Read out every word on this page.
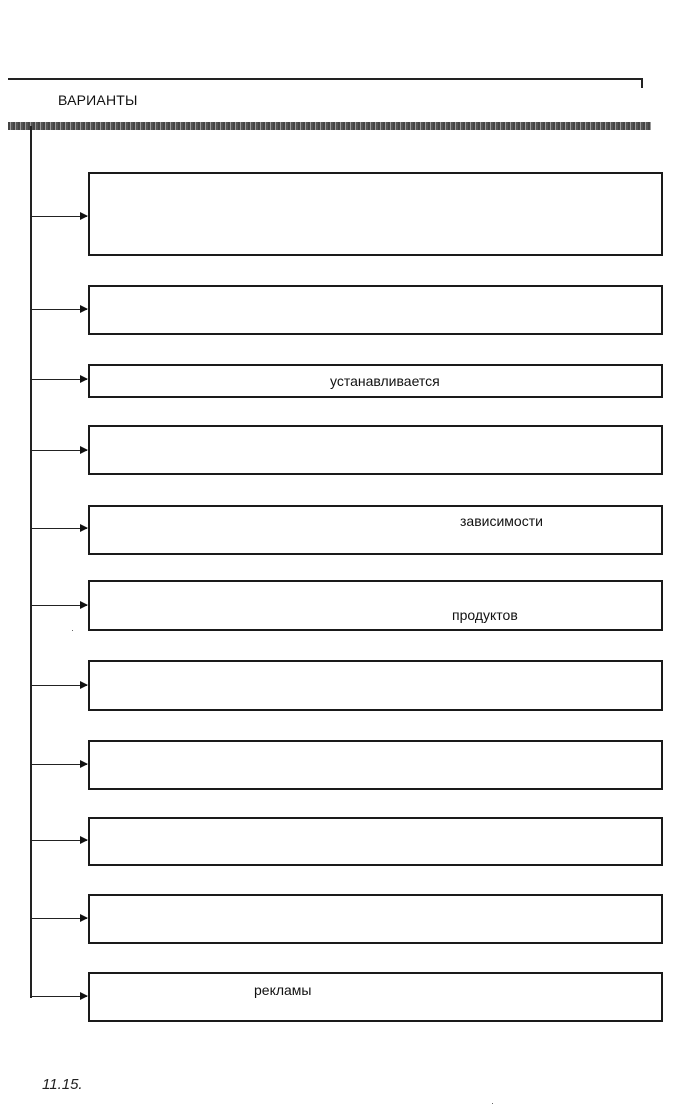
ВАРИАНТЫ
устанавливается
зависимости
продуктов
рекламы
11.15.
